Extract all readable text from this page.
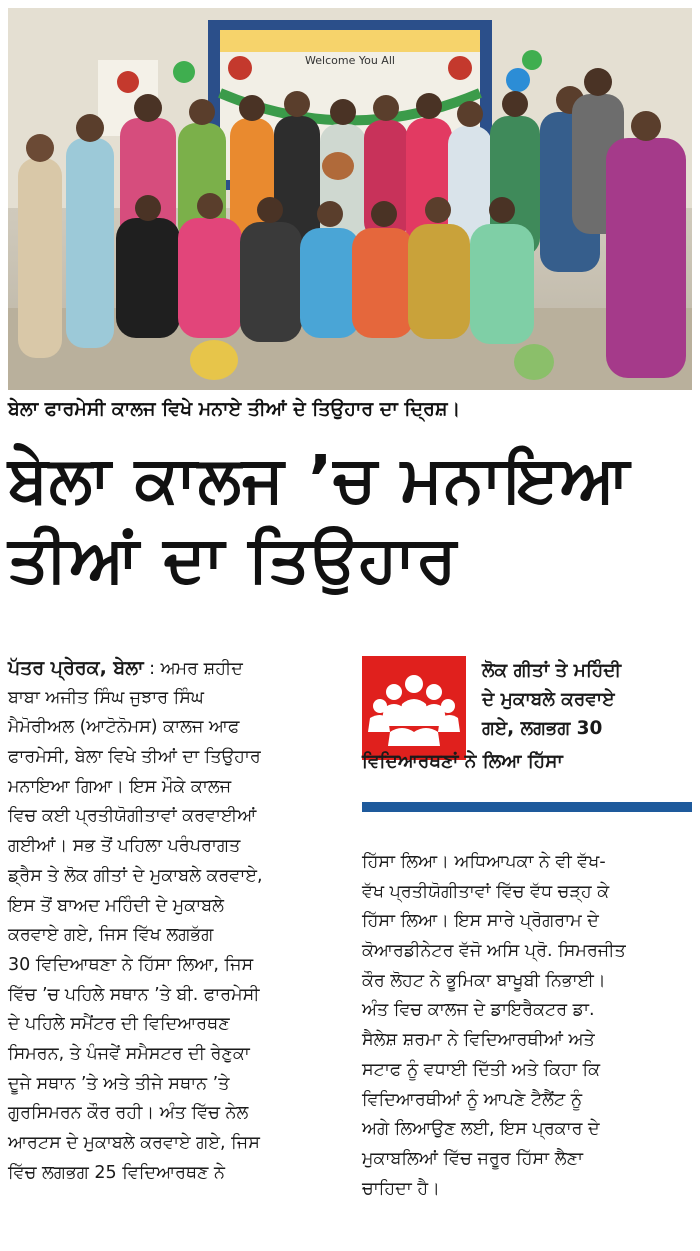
Welcome You All
ਬੇਲਾ ਫਾਰਮੇਸੀ ਕਾਲਜ ਵਿਖੇ ਮਨਾਏ ਤੀਆਂ ਦੇ ਤਿਉਹਾਰ ਦਾ ਦ੍ਰਿਸ਼।
ਬੇਲਾ ਕਾਲਜ ’ਚ ਮਨਾਇਆ
ਤੀਆਂ ਦਾ ਤਿਉਹਾਰ
ਪੱਤਰ ਪ੍ਰੇਰਕ, ਬੇਲਾ : ਅਮਰ ਸ਼ਹੀਦ
ਬਾਬਾ ਅਜੀਤ ਸਿੰਘ ਜੁਝਾਰ ਸਿੰਘ
ਮੈਮੋਰੀਅਲ (ਆਟੋਨੋਮਸ) ਕਾਲਜ ਆਫ
ਫਾਰਮੇਸੀ, ਬੇਲਾ ਵਿਖੇ ਤੀਆਂ ਦਾ ਤਿਉਹਾਰ
ਮਨਾਇਆ ਗਿਆ। ਇਸ ਮੌਕੇ ਕਾਲਜ
ਵਿਚ ਕਈ ਪ੍ਰਤੀਯੋਗੀਤਾਵਾਂ ਕਰਵਾਈਆਂ
ਗਈਆਂ। ਸਭ ਤੋਂ ਪਹਿਲਾ ਪਰੰਪਰਾਗਤ
ਡ੍ਰੈਸ ਤੇ ਲੋਕ ਗੀਤਾਂ ਦੇ ਮੁਕਾਬਲੇ ਕਰਵਾਏ,
ਇਸ ਤੋਂ ਬਾਅਦ ਮਹਿੰਦੀ ਦੇ ਮੁਕਾਬਲੇ
ਕਰਵਾਏ ਗਏ, ਜਿਸ ਵਿੱਖ ਲਗਭੱਗ
30 ਵਿਦਿਆਥਣਾ ਨੇ ਹਿੱਸਾ ਲਿਆ, ਜਿਸ
ਵਿੱਚ ’ਚ ਪਹਿਲੇ ਸਥਾਨ ’ਤੇ ਬੀ. ਫਾਰਮੇਸੀ
ਦੇ ਪਹਿਲੇ ਸਮੈਂਟਰ ਦੀ ਵਿਦਿਆਰਥਣ
ਸਿਮਰਨ, ਤੇ ਪੰਜਵੇਂ ਸਮੈਸਟਰ ਦੀ ਰੇਣੁਕਾ
ਦੂਜੇ ਸਥਾਨ ’ਤੇ ਅਤੇ ਤੀਜੇ ਸਥਾਨ ’ਤੇ
ਗੁਰਸਿਮਰਨ ਕੌਰ ਰਹੀ। ਅੰਤ ਵਿੱਚ ਨੇਲ
ਆਰਟਸ ਦੇ ਮੁਕਾਬਲੇ ਕਰਵਾਏ ਗਏ, ਜਿਸ
ਵਿੱਚ ਲਗਭਗ 25 ਵਿਦਿਆਰਥਣ ਨੇ
ਲੋਕ ਗੀਤਾਂ ਤੇ ਮਹਿੰਦੀ
ਦੇ ਮੁਕਾਬਲੇ ਕਰਵਾਏ
ਗਏ, ਲਗਭਗ 30
ਵਿਦਿਆਰਥਣਾਂ ਨੇ ਲਿਆ ਹਿੱਸਾ
ਹਿੱਸਾ ਲਿਆ। ਅਧਿਆਪਕਾ ਨੇ ਵੀ ਵੱਖ-
ਵੱਖ ਪ੍ਰਤੀਯੋਗੀਤਾਵਾਂ ਵਿੱਚ ਵੱਧ ਚੜ੍ਹ ਕੇ
ਹਿੱਸਾ ਲਿਆ। ਇਸ ਸਾਰੇ ਪ੍ਰੋਗਰਾਮ ਦੇ
ਕੋਆਰਡੀਨੇਟਰ ਵੱਜੋ ਅਸਿ ਪ੍ਰੋ. ਸਿਮਰਜੀਤ
ਕੌਰ ਲੋਹਟ ਨੇ ਭੂਮਿਕਾ ਬਾਖੂਬੀ ਨਿਭਾਈ।
ਅੰਤ ਵਿਚ ਕਾਲਜ ਦੇ ਡਾਇਰੈਕਟਰ ਡਾ.
ਸੈਲੇਸ਼ ਸ਼ਰਮਾ ਨੇ ਵਿਦਿਆਰਥੀਆਂ ਅਤੇ
ਸਟਾਫ ਨੂੰ ਵਧਾਈ ਦਿੱਤੀ ਅਤੇ ਕਿਹਾ ਕਿ
ਵਿਦਿਆਰਥੀਆਂ ਨੂੰ ਆਪਣੇ ਟੈਲੈਂਟ ਨੂੰ
ਅਗੇ ਲਿਆਉਣ ਲਈ, ਇਸ ਪ੍ਰਕਾਰ ਦੇ
ਮੁਕਾਬਲਿਆਂ ਵਿੱਚ ਜਰੂਰ ਹਿੱਸਾ ਲੈਣਾ
ਚਾਹਿਦਾ ਹੈ।
